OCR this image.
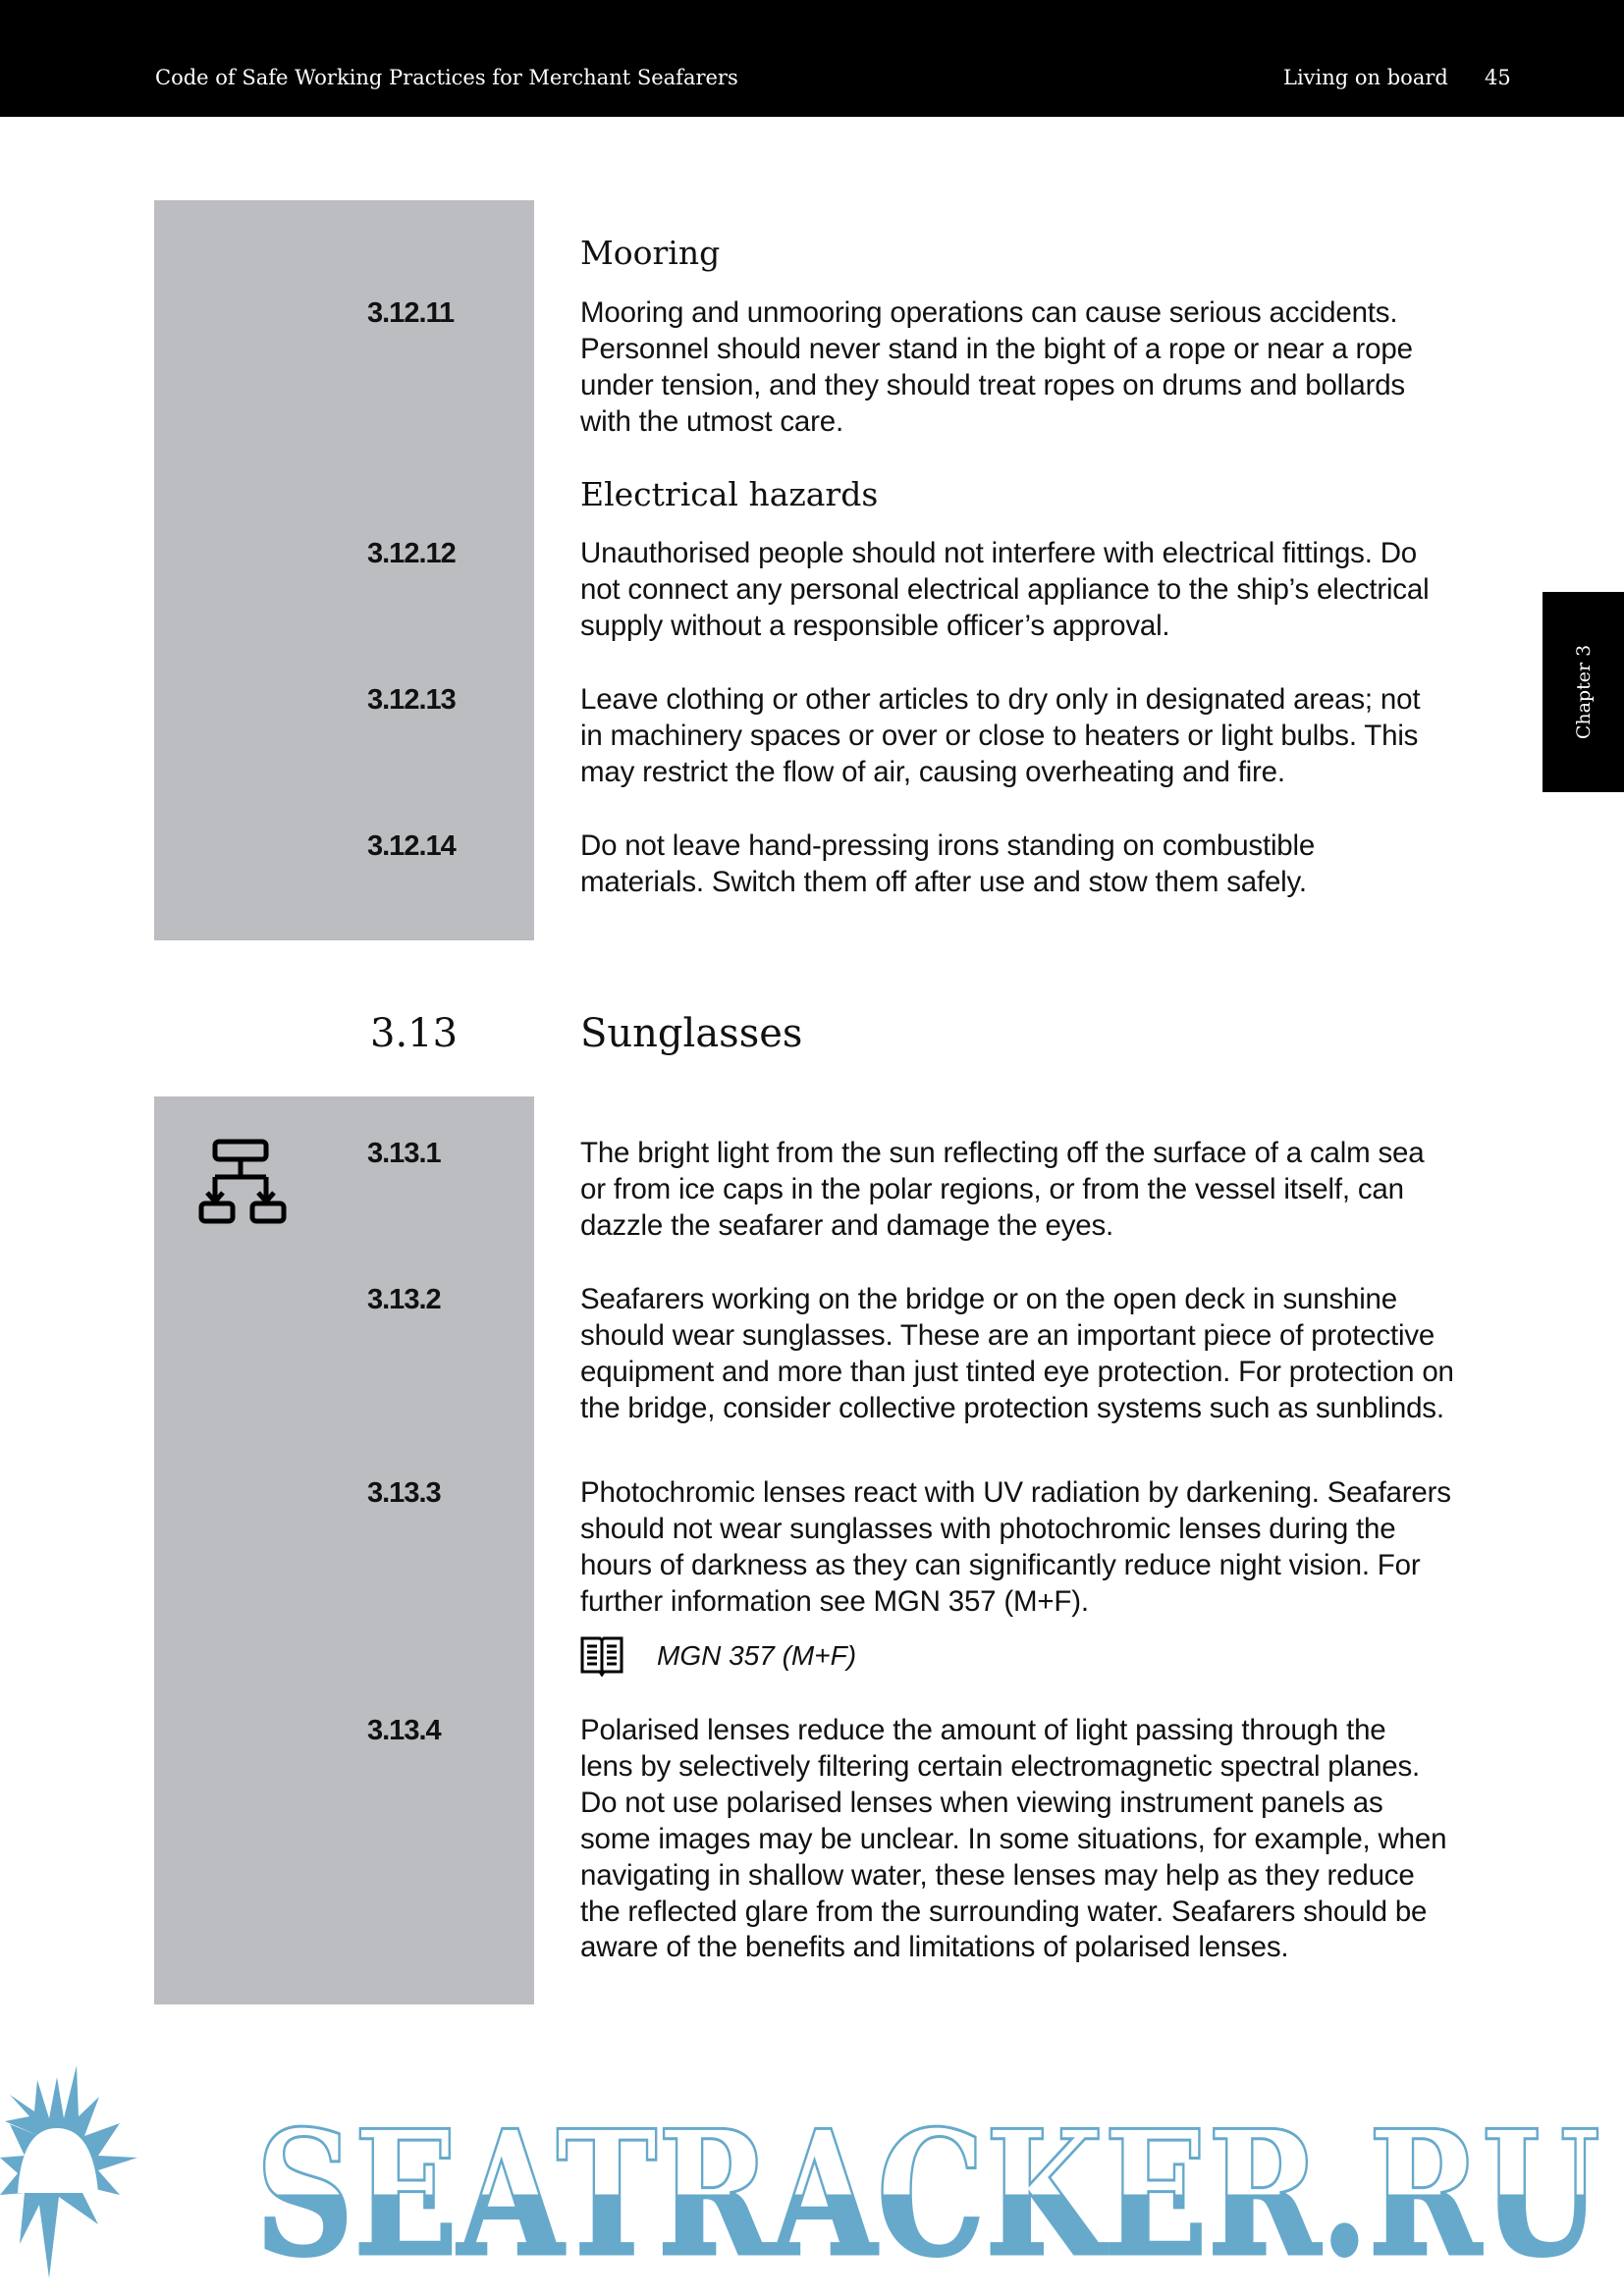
Code of Safe Working Practices for Merchant Seafarers	Living on board 45
Chapter 3
Mooring
3.12.11	Mooring and unmooring operations can cause serious accidents.
Personnel should never stand in the bight of a rope or near a rope
under tension, and they should treat ropes on drums and bollards
with the utmost care.
Electrical hazards
3.12.12	Unauthorised people should not interfere with electrical fittings. Do
not connect any personal electrical appliance to the ship’s electrical
supply without a responsible officer’s approval.
3.12.13	Leave clothing or other articles to dry only in designated areas; not
in machinery spaces or over or close to heaters or light bulbs. This
may restrict the flow of air, causing overheating and fire.
3.12.14	Do not leave hand-pressing irons standing on combustible
materials. Switch them off after use and stow them safely.
3.13	Sunglasses
3.13.1	The bright light from the sun reflecting off the surface of a calm sea
or from ice caps in the polar regions, or from the vessel itself, can
dazzle the seafarer and damage the eyes.
3.13.2	Seafarers working on the bridge or on the open deck in sunshine
should wear sunglasses. These are an important piece of protective
equipment and more than just tinted eye protection. For protection on
the bridge, consider collective protection systems such as sunblinds.
3.13.3	Photochromic lenses react with UV radiation by darkening. Seafarers
should not wear sunglasses with photochromic lenses during the
hours of darkness as they can significantly reduce night vision. For
further information see MGN 357 (M+F).
MGN 357 (M+F)
3.13.4	Polarised lenses reduce the amount of light passing through the
lens by selectively filtering certain electromagnetic spectral planes.
Do not use polarised lenses when viewing instrument panels as
some images may be unclear. In some situations, for example, when
navigating in shallow water, these lenses may help as they reduce
the reflected glare from the surrounding water. Seafarers should be
aware of the benefits and limitations of polarised lenses.
SEATRACKER.RU
